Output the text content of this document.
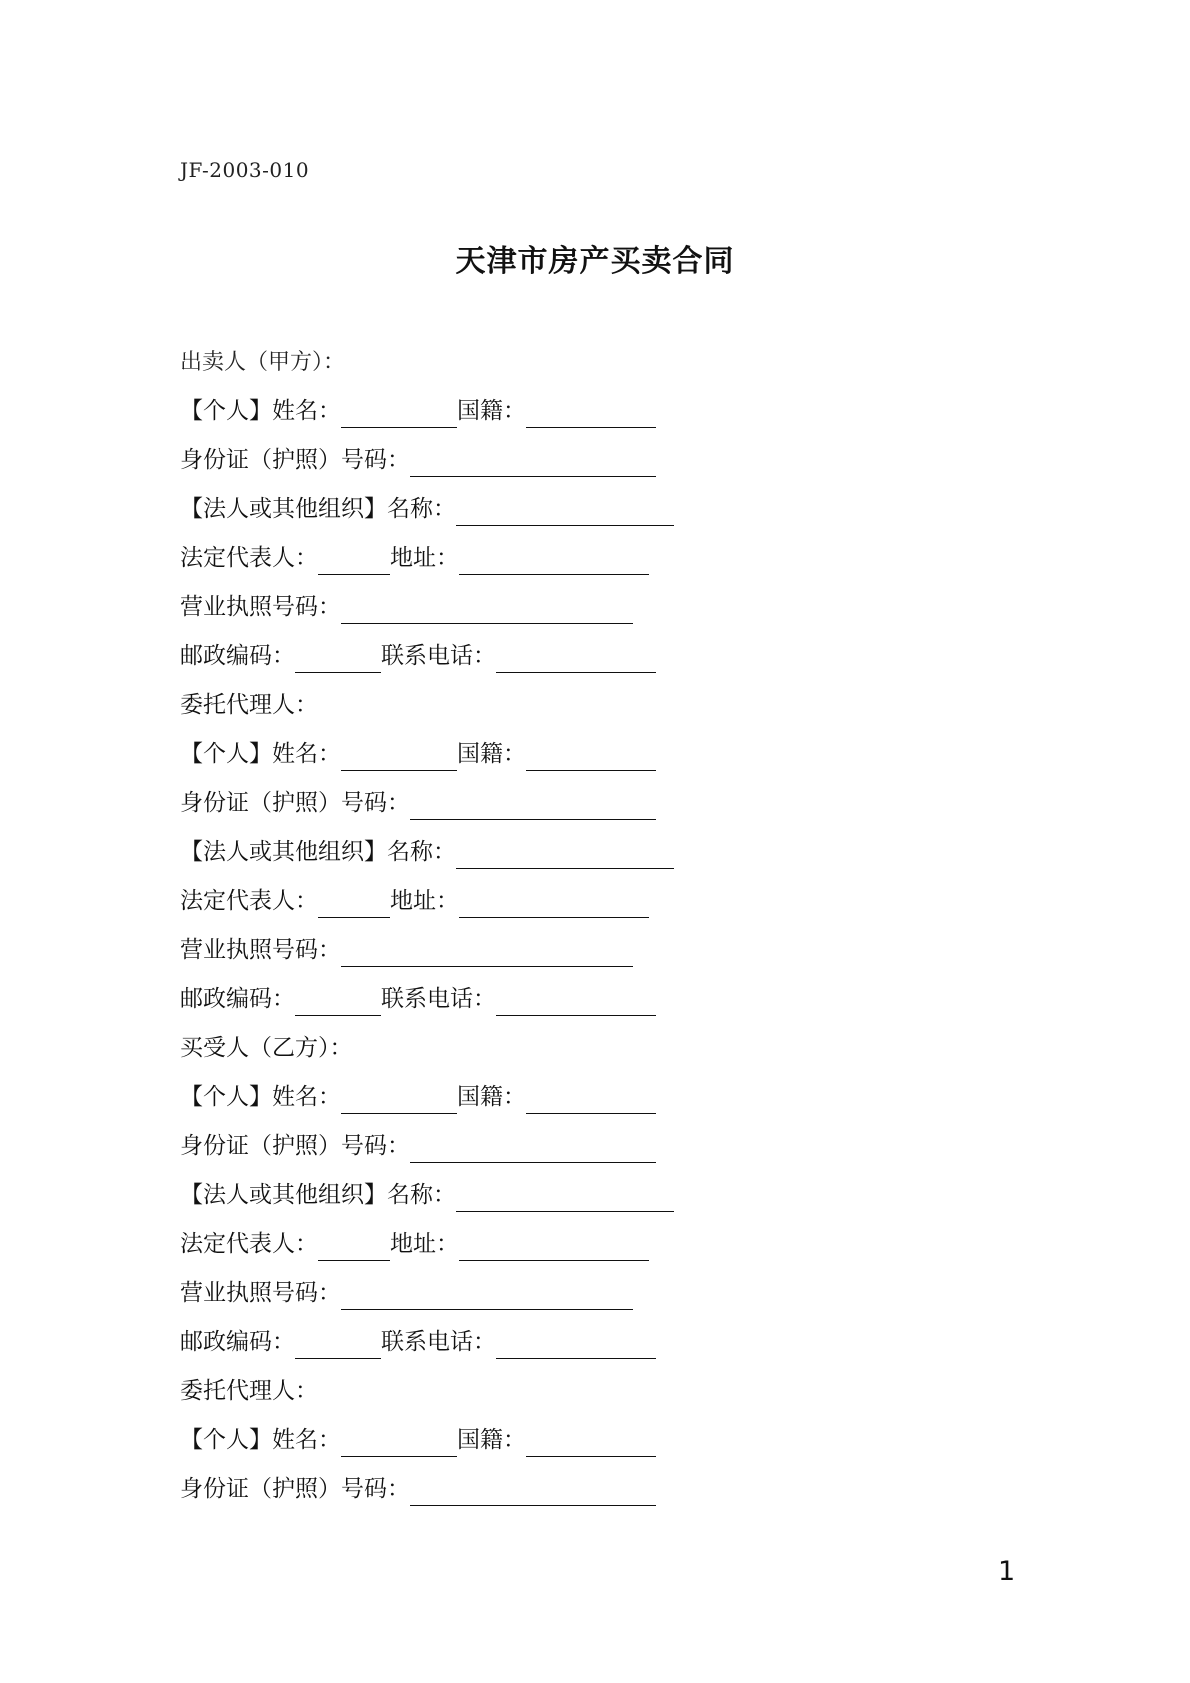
JF-2003-010
天津市房产买卖合同
出卖人（甲方）：
【个人】姓名：	国籍：
身份证（护照）号码：
【法人或其他组织】名称：
法定代表人：	地址：
营业执照号码：
邮政编码：	联系电话：
委托代理人：
【个人】姓名：	国籍：
身份证（护照）号码：
【法人或其他组织】名称：
法定代表人：	地址：
营业执照号码：
邮政编码：	联系电话：
买受人（乙方）：
【个人】姓名：	国籍：
身份证（护照）号码：
【法人或其他组织】名称：
法定代表人：	地址：
营业执照号码：
邮政编码：	联系电话：
委托代理人：
【个人】姓名：	国籍：
身份证（护照）号码：
1
